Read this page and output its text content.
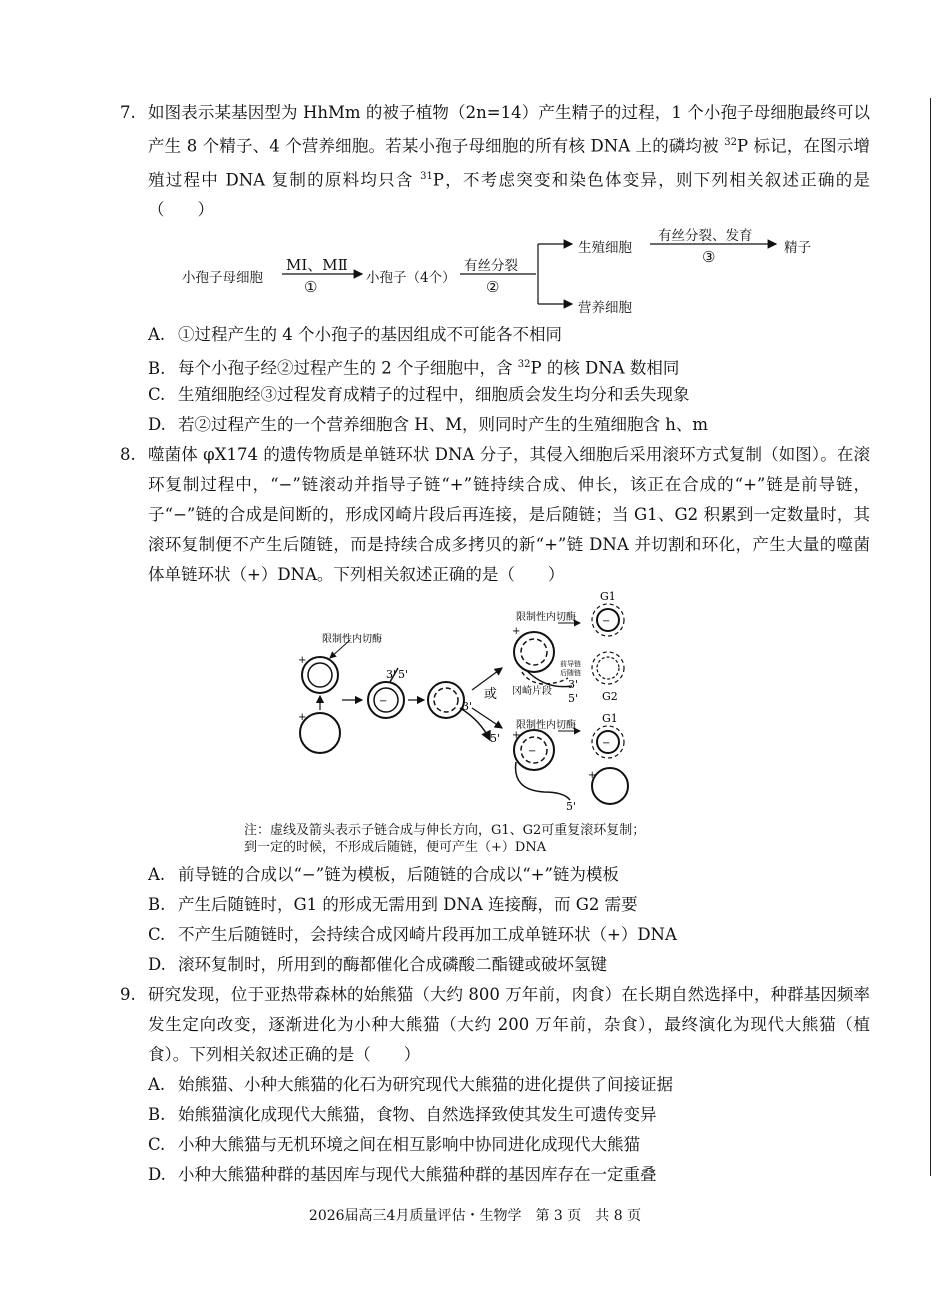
7. 如图表示某基因型为 HhMm 的被子植物（2n=14）产生精子的过程，1 个小孢子母细胞最终可以产生 8 个精子、4 个营养细胞。若某小孢子母细胞的所有核 DNA 上的磷均被 $^{32}$P 标记，在图示增殖过程中 DNA 复制的原料均只含 $^{31}$P，不考虑突变和染色体变异，则下列相关叙述正确的是（　　）
小孢子母细胞
MⅠ、MⅡ
①	小孢子（4个）
有丝分裂
②
生殖细胞
有丝分裂、发育
③	精子
营养细胞
A. ①过程产生的 4 个小孢子的基因组成不可能各不相同
B. 每个小孢子经②过程产生的 2 个子细胞中，含 $^{32}$P 的核 DNA 数相同
C. 生殖细胞经③过程发育成精子的过程中，细胞质会发生均分和丢失现象
D. 若②过程产生的一个营养细胞含 H、M，则同时产生的生殖细胞含 h、m
8. 噬菌体 φX174 的遗传物质是单链环状 DNA 分子，其侵入细胞后采用滚环方式复制（如图）。在滚环复制过程中，“−”链滚动并指导子链“+”链持续合成、伸长，该正在合成的“+”链是前导链，子“−”链的合成是间断的，形成冈崎片段后再连接，是后随链；当 G1、G2 积累到一定数量时，其滚环复制便不产生后随链，而是持续合成多拷贝的新“+”链 DNA 并切割和环化，产生大量的噬菌体单链环状（+）DNA。下列相关叙述正确的是（　　）
限制性内切酶
+
+
−
3' 5'
3'
5'
或
限制性内切酶
+
前导链
后随链
冈崎片段
3'
5'
−
G1
G2
−
5'
限制性内切酶
+
−
G1
+
注：虚线及箭头表示子链合成与伸长方向，G1、G2可重复滚环复制；
到一定的时候，不形成后随链，便可产生（+）DNA
A. 前导链的合成以“−”链为模板，后随链的合成以“+”链为模板
B. 产生后随链时，G1 的形成无需用到 DNA 连接酶，而 G2 需要
C. 不产生后随链时，会持续合成冈崎片段再加工成单链环状（+）DNA
D. 滚环复制时，所用到的酶都催化合成磷酸二酯键或破坏氢键
9. 研究发现，位于亚热带森林的始熊猫（大约 800 万年前，肉食）在长期自然选择中，种群基因频率发生定向改变，逐渐进化为小种大熊猫（大约 200 万年前，杂食），最终演化为现代大熊猫（植食）。下列相关叙述正确的是（　　）
A. 始熊猫、小种大熊猫的化石为研究现代大熊猫的进化提供了间接证据
B. 始熊猫演化成现代大熊猫，食物、自然选择致使其发生可遗传变异
C. 小种大熊猫与无机环境之间在相互影响中协同进化成现代大熊猫
D. 小种大熊猫种群的基因库与现代大熊猫种群的基因库存在一定重叠
2026届高三4月质量评估・生物学　第 3 页　共 8 页
